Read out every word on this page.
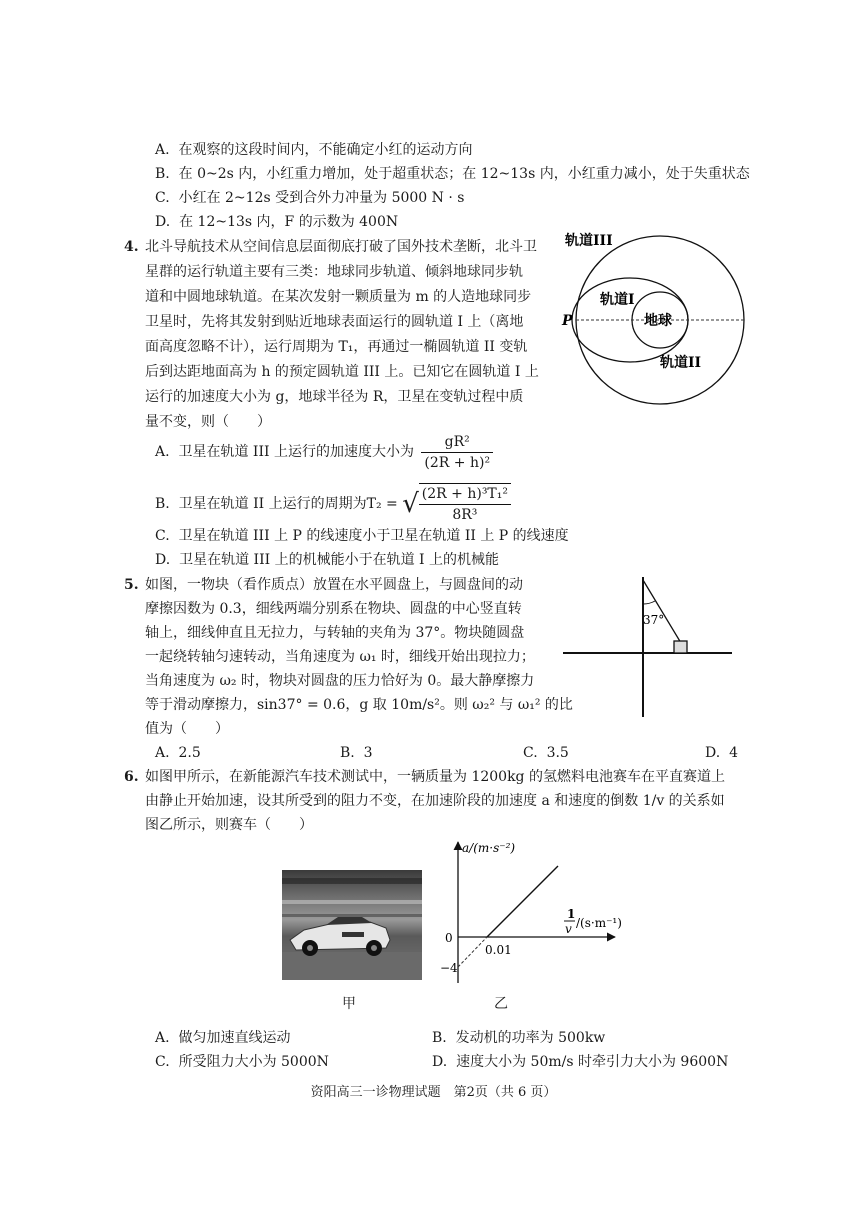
A. 在观察的这段时间内，不能确定小红的运动方向
B. 在 0~2s 内，小红重力增加，处于超重状态；在 12~13s 内，小红重力减小，处于失重状态
C. 小红在 2~12s 受到合外力冲量为 5000 N · s
D. 在 12~13s 内，F 的示数为 400N
4. 北斗导航技术从空间信息层面彻底打破了国外技术垄断，北斗卫
星群的运行轨道主要有三类：地球同步轨道、倾斜地球同步轨
道和中圆地球轨道。在某次发射一颗质量为 m 的人造地球同步
卫星时，先将其发射到贴近地球表面运行的圆轨道 I 上（离地
面高度忽略不计），运行周期为 T₁，再通过一椭圆轨道 II 变轨
后到达距地面高为 h 的预定圆轨道 III 上。已知它在圆轨道 I 上
运行的加速度大小为 g，地球半径为 R，卫星在变轨过程中质
量不变，则（　　）
轨道III
轨道I
地球
轨道II
P
A. 卫星在轨道 III 上运行的加速度大小为 $\frac{\text{gR²}}{\text{(2R + h)²}}$
B. 卫星在轨道 II 上运行的周期为T₂ = √ $\frac{\text{(2R + h)³T₁²}}{\text{8R³}}$
C. 卫星在轨道 III 上 P 的线速度小于卫星在轨道 II 上 P 的线速度
D. 卫星在轨道 III 上的机械能小于在轨道 I 上的机械能
5. 如图，一物块（看作质点）放置在水平圆盘上，与圆盘间的动
摩擦因数为 0.3，细线两端分别系在物块、圆盘的中心竖直转
轴上，细线伸直且无拉力，与转轴的夹角为 37°。物块随圆盘
一起绕转轴匀速转动，当角速度为 ω₁ 时，细线开始出现拉力；
当角速度为 ω₂ 时，物块对圆盘的压力恰好为 0。最大静摩擦力
等于滑动摩擦力，sin37° = 0.6，g 取 10m/s²。则 ω₂² 与 ω₁² 的比
值为（　　）
37°
A. 2.5	B. 3	C. 3.5	D. 4
6. 如图甲所示，在新能源汽车技术测试中，一辆质量为 1200kg 的氢燃料电池赛车在平直赛道上
由静止开始加速，设其所受到的阻力不变，在加速阶段的加速度 a 和速度的倒数 1/v 的关系如
图乙所示，则赛车（　　）
甲
a/(m·s⁻²)
1
v /(s·m⁻¹)
0
0.01
−4
乙
A. 做匀加速直线运动	B. 发动机的功率为 500kw
C. 所受阻力大小为 5000N	D. 速度大小为 50m/s 时牵引力大小为 9600N
资阳高三一诊物理试题　第2页（共 6 页）
